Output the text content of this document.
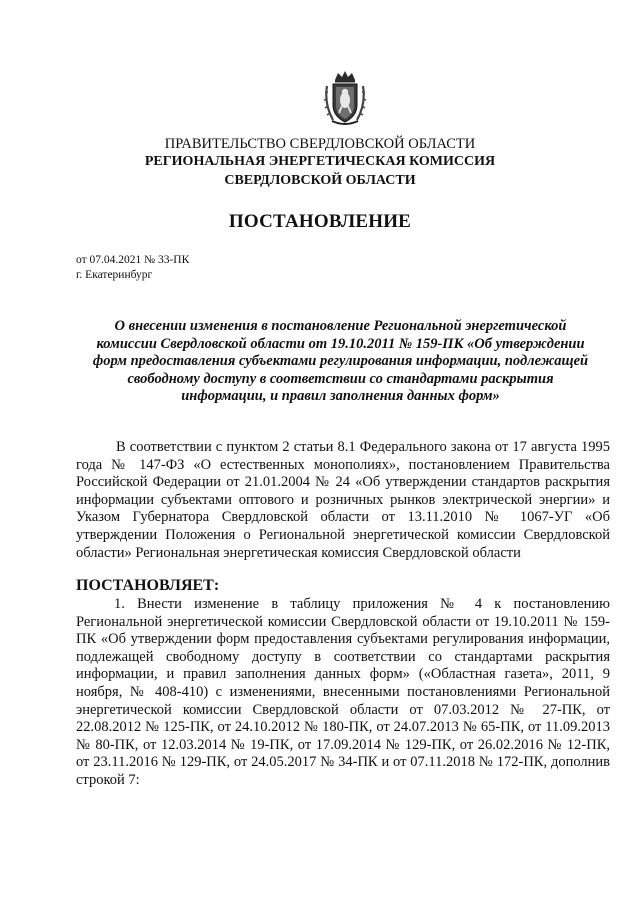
ПРАВИТЕЛЬСТВО СВЕРДЛОВСКОЙ ОБЛАСТИ
РЕГИОНАЛЬНАЯ ЭНЕРГЕТИЧЕСКАЯ КОМИССИЯ
СВЕРДЛОВСКОЙ ОБЛАСТИ
ПОСТАНОВЛЕНИЕ
от 07.04.2021 № 33-ПК
г. Екатеринбург
О внесении изменения в постановление Региональной энергетической комиссии Свердловской области от 19.10.2011 № 159-ПК «Об утверждении форм предоставления субъектами регулирования информации, подлежащей свободному доступу в соответствии со стандартами раскрытия информации, и правил заполнения данных форм»
В соответствии с пунктом 2 статьи 8.1 Федерального закона от 17 августа 1995 года № 147-ФЗ «О естественных монополиях», постановлением Правительства Российской Федерации от 21.01.2004 № 24 «Об утверждении стандартов раскрытия информации субъектами оптового и розничных рынков электрической энергии» и Указом Губернатора Свердловской области от 13.11.2010 № 1067-УГ «Об утверждении Положения о Региональной энергетической комиссии Свердловской области» Региональная энергетическая комиссия Свердловской области
ПОСТАНОВЛЯЕТ:
1. Внести изменение в таблицу приложения № 4 к постановлению Региональной энергетической комиссии Свердловской области от 19.10.2011 № 159-ПК «Об утверждении форм предоставления субъектами регулирования информации, подлежащей свободному доступу в соответствии со стандартами раскрытия информации, и правил заполнения данных форм» («Областная газета», 2011, 9 ноября, № 408-410) с изменениями, внесенными постановлениями Региональной энергетической комиссии Свердловской области от 07.03.2012 № 27-ПК, от 22.08.2012 № 125-ПК, от 24.10.2012 № 180-ПК, от 24.07.2013 № 65-ПК, от 11.09.2013 № 80-ПК, от 12.03.2014 № 19-ПК, от 17.09.2014 № 129-ПК, от 26.02.2016 № 12-ПК, от 23.11.2016 № 129-ПК, от 24.05.2017 № 34-ПК и от 07.11.2018 № 172-ПК, дополнив строкой 7:
